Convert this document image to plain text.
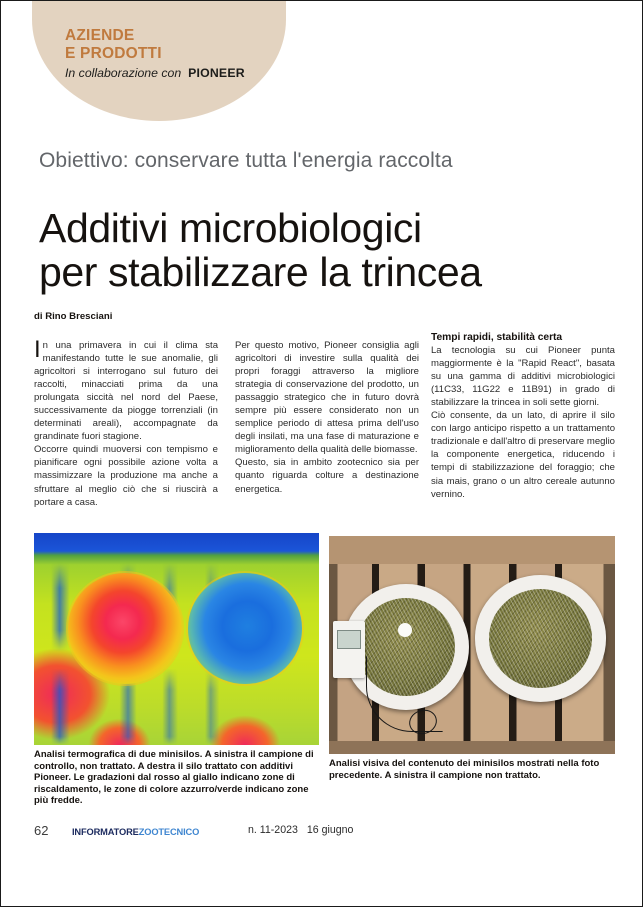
AZIENDE
E PRODOTTI
In collaborazione con PIONEER
Obiettivo: conservare tutta l'energia raccolta
Additivi microbiologici
per stabilizzare la trincea
di Rino Bresciani

In una primavera in cui il clima sta manifestando tutte le sue anomalie, gli agricoltori si interrogano sul futuro dei raccolti, minacciati prima da una prolungata siccità nel nord del Paese, successivamente da piogge torrenziali (in determinati areali), accompagnate da grandinate fuori stagione.

Occorre quindi muoversi con tempismo e pianificare ogni possibile azione volta a massimizzare la produzione ma anche a sfruttare al meglio ciò che si riuscirà a portare a casa.

Per questo motivo, Pioneer consiglia agli agricoltori di investire sulla qualità dei propri foraggi attraverso la migliore strategia di conservazione del prodotto, un passaggio strategico che in futuro dovrà sempre più essere considerato non un semplice periodo di attesa prima dell'uso degli insilati, ma una fase di maturazione e miglioramento della qualità delle biomasse.

Questo, sia in ambito zootecnico sia per quanto riguarda colture a destinazione energetica.

Tempi rapidi, stabilità certa

La tecnologia su cui Pioneer punta maggiormente è la "Rapid React", basata su una gamma di additivi microbiologici (11C33, 11G22 e 11B91) in grado di stabilizzare la trincea in soli sette giorni.

Ciò consente, da un lato, di aprire il silo con largo anticipo rispetto a un trattamento tradizionale e dall'altro di preservare meglio la componente energetica, riducendo i tempi di stabilizzazione del foraggio; che sia mais, grano o un altro cereale autunno vernino.

Analisi termografica di due minisilos. A sinistra il campione di controllo, non trattato. A destra il silo trattato con additivi Pioneer. Le gradazioni dal rosso al giallo indicano zone di riscaldamento, le zone di colore azzurro/verde indicano zone più fredde.
Analisi visiva del contenuto dei minisilos mostrati nella foto precedente. A sinistra il campione non trattato.
62	INFORMATOREZOOTECNICO	n. 11-2023 16 giugno
